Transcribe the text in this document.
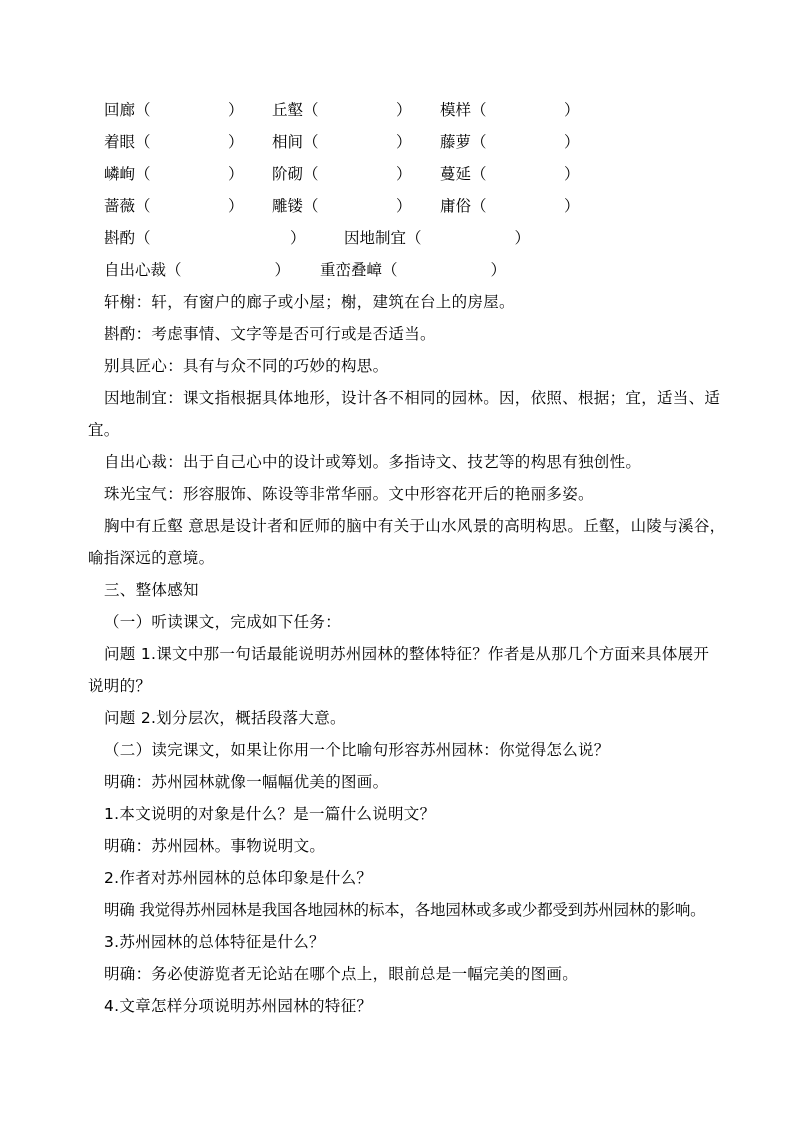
回廊（　　　　　） 丘壑（　　　　　） 模样（　　　　　）
着眼（　　　　　） 相间（　　　　　） 藤萝（　　　　　）
嶙峋（　　　　　） 阶砌（　　　　　） 蔓延（　　　　　）
蔷薇（　　　　　） 雕镂（　　　　　） 庸俗（　　　　　）
斟酌（　　　　　　　　　） 因地制宜（　　　　　　）
自出心裁（　　　　　　） 重峦叠嶂（　　　　　　）
轩榭：轩，有窗户的廊子或小屋；榭，建筑在台上的房屋。
斟酌：考虑事情、文字等是否可行或是否适当。
别具匠心：具有与众不同的巧妙的构思。
因地制宜：课文指根据具体地形，设计各不相同的园林。因，依照、根据；宜，适当、适
宜。
自出心裁：出于自己心中的设计或筹划。多指诗文、技艺等的构思有独创性。
珠光宝气：形容服饰、陈设等非常华丽。文中形容花开后的艳丽多姿。
胸中有丘壑 意思是设计者和匠师的脑中有关于山水风景的高明构思。丘壑，山陵与溪谷，
喻指深远的意境。
三、整体感知
（一）听读课文，完成如下任务：
问题 1.课文中那一句话最能说明苏州园林的整体特征？作者是从那几个方面来具体展开
说明的？
问题 2.划分层次，概括段落大意。
（二）读完课文，如果让你用一个比喻句形容苏州园林：你觉得怎么说？
明确：苏州园林就像一幅幅优美的图画。
1.本文说明的对象是什么？是一篇什么说明文？
明确：苏州园林。事物说明文。
2.作者对苏州园林的总体印象是什么？
明确 我觉得苏州园林是我国各地园林的标本，各地园林或多或少都受到苏州园林的影响。
3.苏州园林的总体特征是什么？
明确：务必使游览者无论站在哪个点上，眼前总是一幅完美的图画。
4.文章怎样分项说明苏州园林的特征？
